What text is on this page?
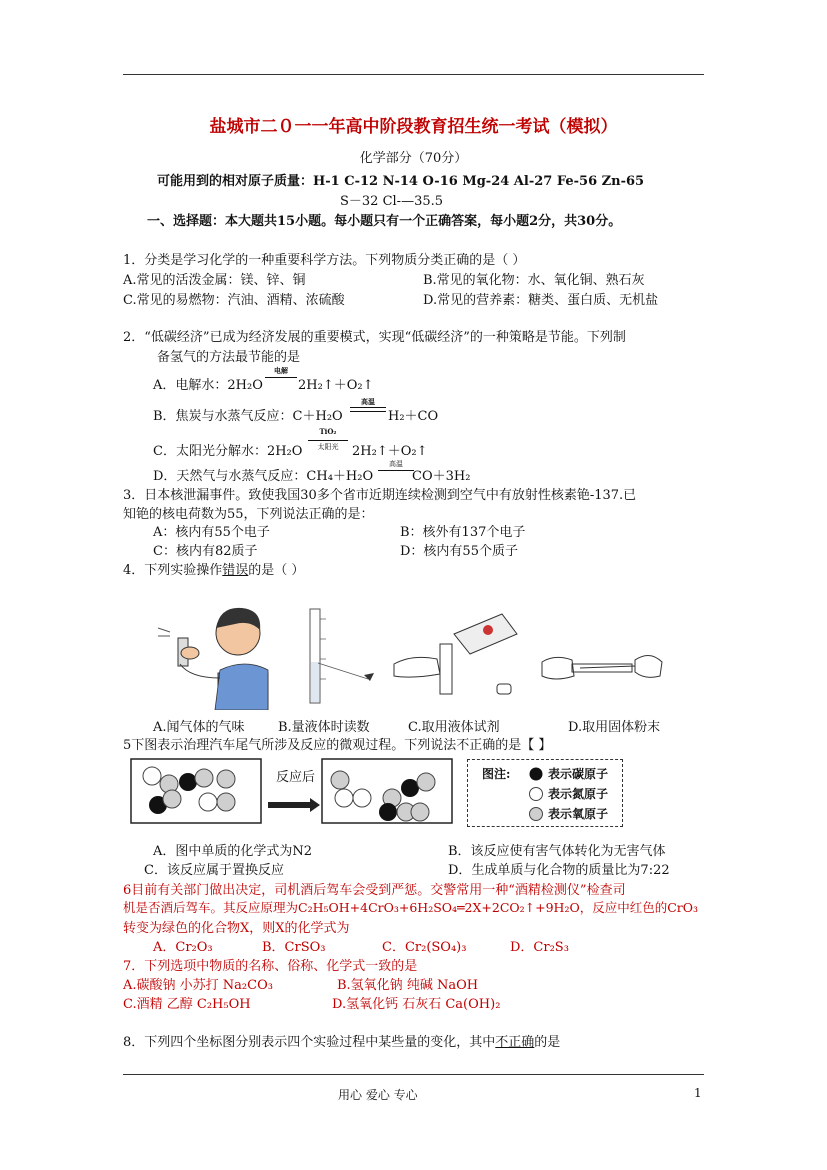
盐城市二０一一年高中阶段教育招生统一考试（模拟）
化学部分（70分）
可能用到的相对原子质量：H-1 C-12 N-14 O-16 Mg-24 Al-27 Fe-56 Zn-65
S－32 Cl-—35.5
一、选择题：本大题共15小题。每小题只有一个正确答案，每小题2分，共30分。
1．分类是学习化学的一种重要科学方法。下列物质分类正确的是（ ）
A.常见的活泼金属：镁、锌、铜	B.常见的氧化物：水、氧化铜、熟石灰
C.常见的易燃物：汽油、酒精、浓硫酸	D.常见的营养素：糖类、蛋白质、无机盐
2．“低碳经济”已成为经济发展的重要模式，实现“低碳经济”的一种策略是节能。下列制
备氢气的方法最节能的是
A．电解水：2H₂O
电解
2H₂↑＋O₂↑
B．焦炭与水蒸气反应：C＋H₂O
高温
H₂＋CO
C．太阳光分解水：2H₂O
TiO₂
太阳光	2H₂↑＋O₂↑
D．天然气与水蒸气反应：CH₄＋H₂O
高温
CO＋3H₂
3．日本核泄漏事件。致使我国30多个省市近期连续检测到空气中有放射性核素铯-137.已
知铯的核电荷数为55，下列说法正确的是：
A：核内有55个电子	B：核外有137个电子
C：核内有82质子	D：核内有55个质子
4．下列实验操作错误的是（ ）
A.闻气体的气味	B.量液体时读数	C.取用液体试剂	D.取用固体粉末
5下图表示治理汽车尾气所涉及反应的微观过程。下列说法不正确的是【 】
反应后	图注:	表示碳原子
表示氮原子
表示氧原子
A．图中单质的化学式为N2	B．该反应使有害气体转化为无害气体
C．该反应属于置换反应	D．生成单质与化合物的质量比为7:22
6目前有关部门做出决定，司机酒后驾车会受到严惩。交警常用一种“酒精检测仪”检查司
机是否酒后驾车。其反应原理为C₂H₅OH+4CrO₃+6H₂SO₄═2X+2CO₂↑+9H₂O，反应中红色的CrO₃
转变为绿色的化合物X，则X的化学式为
A．Cr₂O₃	B．CrSO₃	C．Cr₂(SO₄)₃	D．Cr₂S₃
7．下列选项中物质的名称、俗称、化学式一致的是
A.碳酸钠 小苏打 Na₂CO₃	B.氢氧化钠 纯碱 NaOH
C.酒精 乙醇 C₂H₅OH	D.氢氧化钙 石灰石 Ca(OH)₂
8．下列四个坐标图分别表示四个实验过程中某些量的变化，其中不正确的是
用心 爱心 专心	1
